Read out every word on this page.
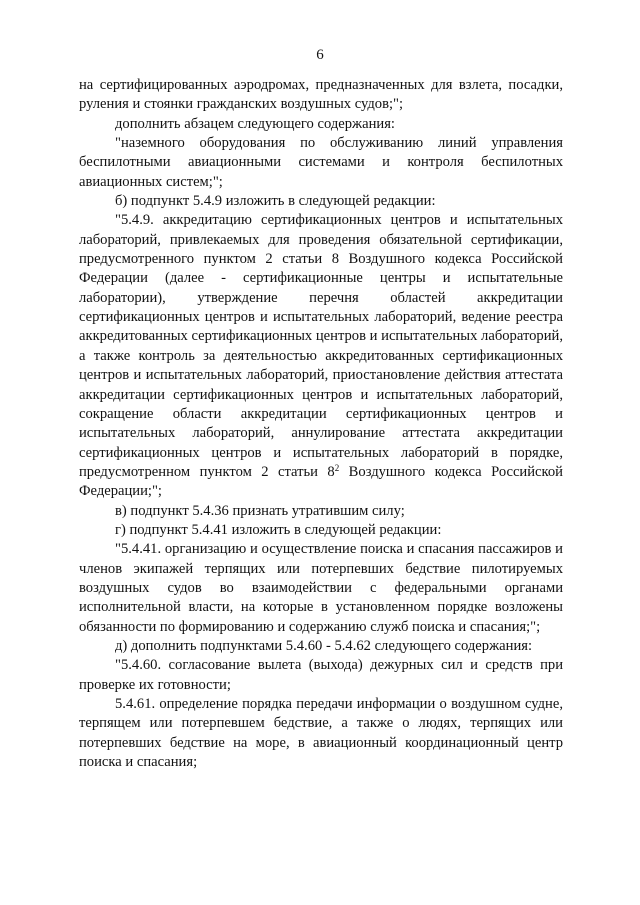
6

на сертифицированных аэродромах, предназначенных для взлета, посадки, руления и стоянки гражданских воздушных судов;";

дополнить абзацем следующего содержания:

"наземного оборудования по обслуживанию линий управления беспилотными авиационными системами и контроля беспилотных авиационных систем;";

б) подпункт 5.4.9 изложить в следующей редакции:

"5.4.9. аккредитацию сертификационных центров и испытательных лабораторий, привлекаемых для проведения обязательной сертификации, предусмотренного пунктом 2 статьи 8 Воздушного кодекса Российской Федерации (далее - сертификационные центры и испытательные лаборатории), утверждение перечня областей аккредитации сертификационных центров и испытательных лабораторий, ведение реестра аккредитованных сертификационных центров и испытательных лабораторий, а также контроль за деятельностью аккредитованных сертификационных центров и испытательных лабораторий, приостановление действия аттестата аккредитации сертификационных центров и испытательных лабораторий, сокращение области аккредитации сертификационных центров и испытательных лабораторий, аннулирование аттестата аккредитации сертификационных центров и испытательных лабораторий в порядке, предусмотренном пунктом 2 статьи $8^2$ Воздушного кодекса Российской Федерации;";

в) подпункт 5.4.36 признать утратившим силу;

г) подпункт 5.4.41 изложить в следующей редакции:

"5.4.41. организацию и осуществление поиска и спасания пассажиров и членов экипажей терпящих или потерпевших бедствие пилотируемых воздушных судов во взаимодействии с федеральными органами исполнительной власти, на которые в установленном порядке возложены обязанности по формированию и содержанию служб поиска и спасания;";

д) дополнить подпунктами 5.4.60 - 5.4.62 следующего содержания:

"5.4.60. согласование вылета (выхода) дежурных сил и средств при проверке их готовности;

5.4.61. определение порядка передачи информации о воздушном судне, терпящем или потерпевшем бедствие, а также о людях, терпящих или потерпевших бедствие на море, в авиационный координационный центр поиска и спасания;
